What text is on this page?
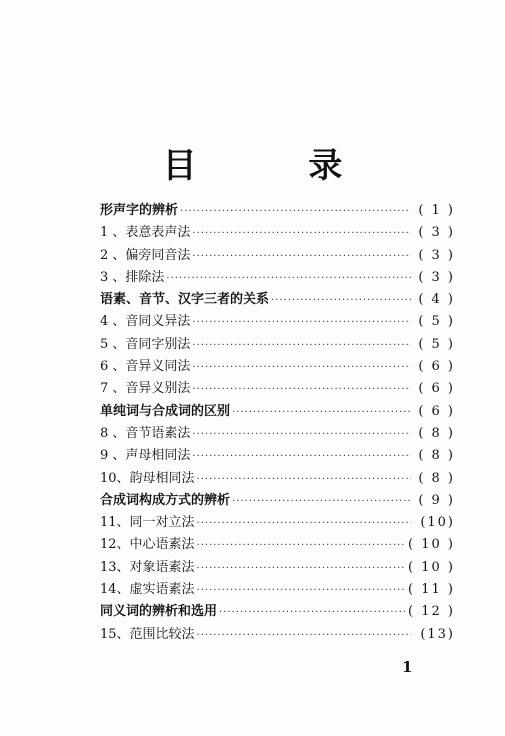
目 录
形声字的辨析 ·····	( 1 )
1 、表意表声法 ·····	( 3 )
2 、偏旁同音法 ·····	( 3 )
3 、排除法 ·····	( 3 )
语素、音节、汉字三者的关系 ·····	( 4 )
4 、音同义异法 ·····	( 5 )
5 、音同字别法 ·····	( 5 )
6 、音异义同法 ·····	( 6 )
7 、音异义别法 ·····	( 6 )
单纯词与合成词的区别 ·····	( 6 )
8 、音节语素法 ·····	( 8 )
9 、声母相同法 ·····	( 8 )
10、韵母相同法 ·····	( 8 )
合成词构成方式的辨析 ·····	( 9 )
11、同一对立法 ·····	(10)
12、中心语素法 ·····	( 10 )
13、对象语素法 ·····	( 10 )
14、虚实语素法 ·····	( 11 )
同义词的辨析和选用 ·····	( 12 )
15、范围比较法 ·····	(13)
1
